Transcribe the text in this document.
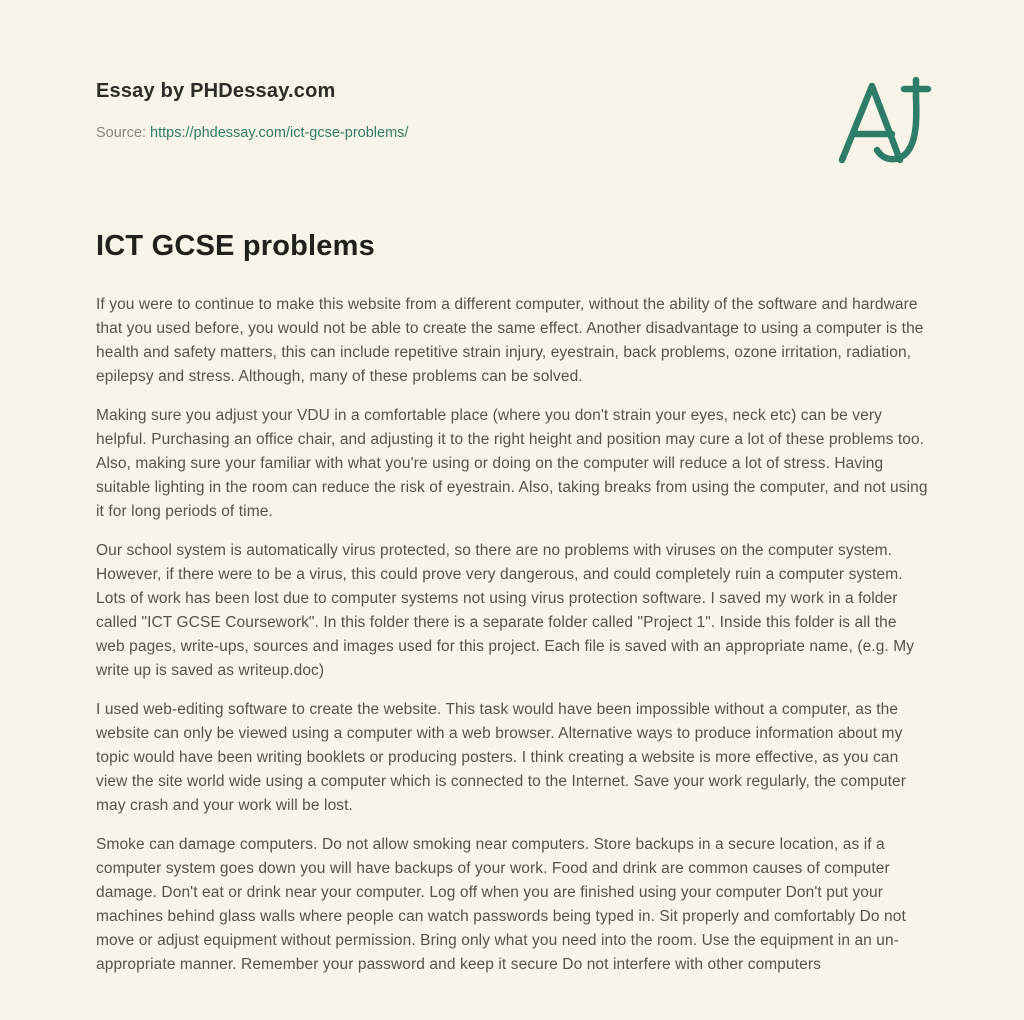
Essay by PHDessay.com
Source: https://phdessay.com/ict-gcse-problems/
ICT GCSE problems

If you were to continue to make this website from a different computer, without the ability of the software and hardware that you used before, you would not be able to create the same effect. Another disadvantage to using a computer is the health and safety matters, this can include repetitive strain injury, eyestrain, back problems, ozone irritation, radiation, epilepsy and stress. Although, many of these problems can be solved.

Making sure you adjust your VDU in a comfortable place (where you don't strain your eyes, neck etc) can be very helpful. Purchasing an office chair, and adjusting it to the right height and position may cure a lot of these problems too. Also, making sure your familiar with what you're using or doing on the computer will reduce a lot of stress. Having suitable lighting in the room can reduce the risk of eyestrain. Also, taking breaks from using the computer, and not using it for long periods of time.

Our school system is automatically virus protected, so there are no problems with viruses on the computer system. However, if there were to be a virus, this could prove very dangerous, and could completely ruin a computer system. Lots of work has been lost due to computer systems not using virus protection software. I saved my work in a folder called "ICT GCSE Coursework". In this folder there is a separate folder called "Project 1". Inside this folder is all the web pages, write-ups, sources and images used for this project. Each file is saved with an appropriate name, (e.g. My write up is saved as writeup.doc)

I used web-editing software to create the website. This task would have been impossible without a computer, as the website can only be viewed using a computer with a web browser. Alternative ways to produce information about my topic would have been writing booklets or producing posters. I think creating a website is more effective, as you can view the site world wide using a computer which is connected to the Internet. Save your work regularly, the computer may crash and your work will be lost.

Smoke can damage computers. Do not allow smoking near computers. Store backups in a secure location, as if a computer system goes down you will have backups of your work. Food and drink are common causes of computer damage. Don't eat or drink near your computer. Log off when you are finished using your computer Don't put your machines behind glass walls where people can watch passwords being typed in. Sit properly and comfortably Do not move or adjust equipment without permission. Bring only what you need into the room. Use the equipment in an un-appropriate manner. Remember your password and keep it secure Do not interfere with other computers
